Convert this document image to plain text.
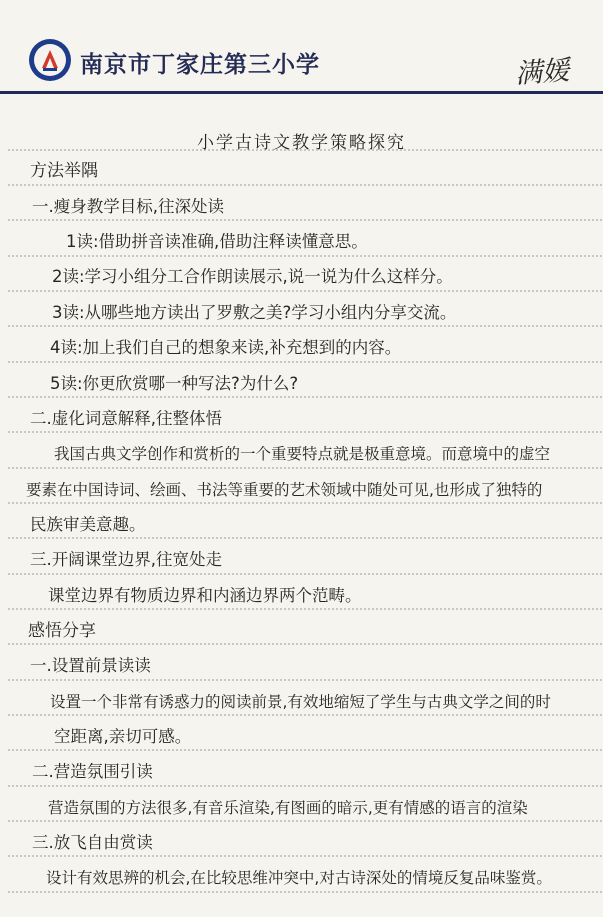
南京市丁家庄第三小学	满媛
小学古诗文教学策略探究
方法举隅
一.瘦身教学目标,往深处读
1读:借助拼音读准确,借助注释读懂意思。
2读:学习小组分工合作朗读展示,说一说为什么这样分。
3读:从哪些地方读出了罗敷之美?学习小组内分享交流。
4读:加上我们自己的想象来读,补充想到的内容。
5读:你更欣赏哪一种写法?为什么?
二.虚化词意解释,往整体悟
我国古典文学创作和赏析的一个重要特点就是极重意境。而意境中的虚空
要素在中国诗词、绘画、书法等重要的艺术领域中随处可见,也形成了独特的
民族审美意趣。
三.开阔课堂边界,往宽处走
课堂边界有物质边界和内涵边界两个范畴。
感悟分享
一.设置前景读读
设置一个非常有诱惑力的阅读前景,有效地缩短了学生与古典文学之间的时
空距离,亲切可感。
二.营造氛围引读
营造氛围的方法很多,有音乐渲染,有图画的暗示,更有情感的语言的渲染
三.放飞自由赏读
设计有效思辨的机会,在比较思维冲突中,对古诗深处的情境反复品味鉴赏。
